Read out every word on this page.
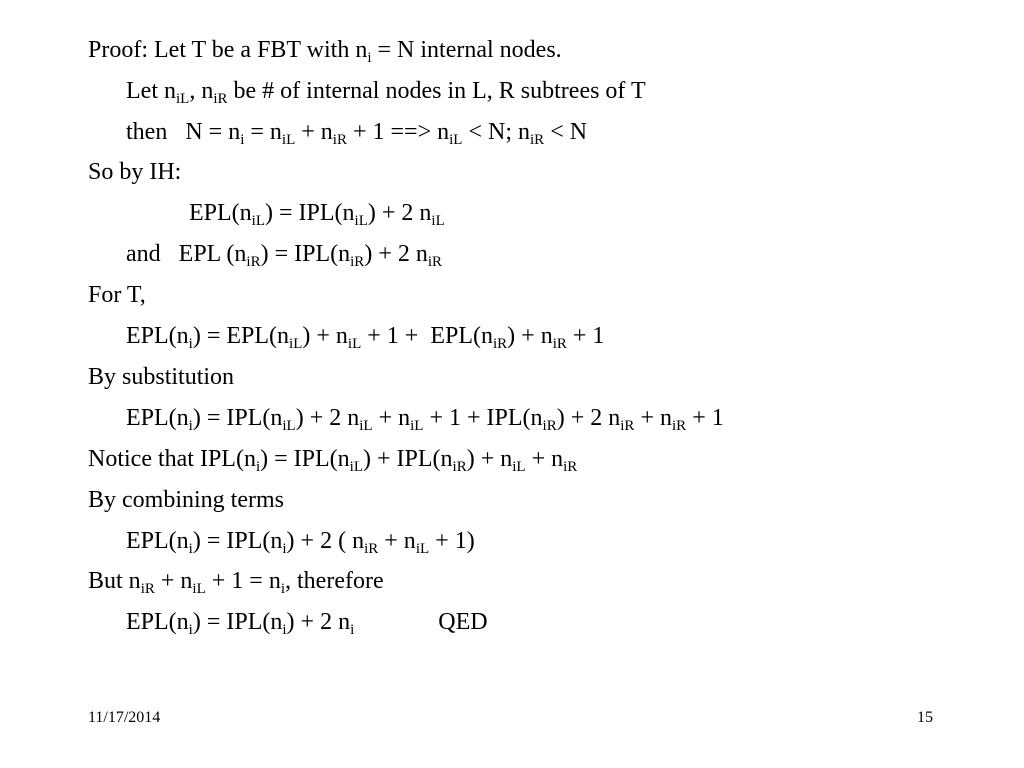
Proof: Let T be a FBT with $n_i = N$ internal nodes.
Let $n_{iL}$, $n_{iR}$ be # of internal nodes in L, R subtrees of T
then   $N = n_i = n_{iL} + n_{iR} + 1$ ==> $n_{iL} < N$; $n_{iR} < N$
So by IH:
$EPL(n_{iL}) = IPL(n_{iL}) + 2$ $n_{iL}$
and   EPL $(n_{iR}) = IPL(n_{iR}) + 2$ $n_{iR}$
For T,
$EPL(n_i) = EPL(n_{iL}) + n_{iL} + 1 + EPL(n_{iR}) + n_{iR} + 1$
By substitution
$EPL(n_i) = IPL(n_{iL}) + 2$ $n_{iL} + n_{iL} + 1 + IPL(n_{iR}) + 2$ $n_{iR} + n_{iR} + 1$
Notice that $IPL(n_i) = IPL(n_{iL}) + IPL(n_{iR}) + n_{iL} + n_{iR}$
By combining terms
$EPL(n_i) = IPL(n_i) + 2$ ( $n_{iR} + n_{iL} + 1$)
But $n_{iR} + n_{iL} + 1 = n_i$, therefore
$EPL(n_i) = IPL(n_i) + 2$ $n_i$              QED
11/17/2014	15
